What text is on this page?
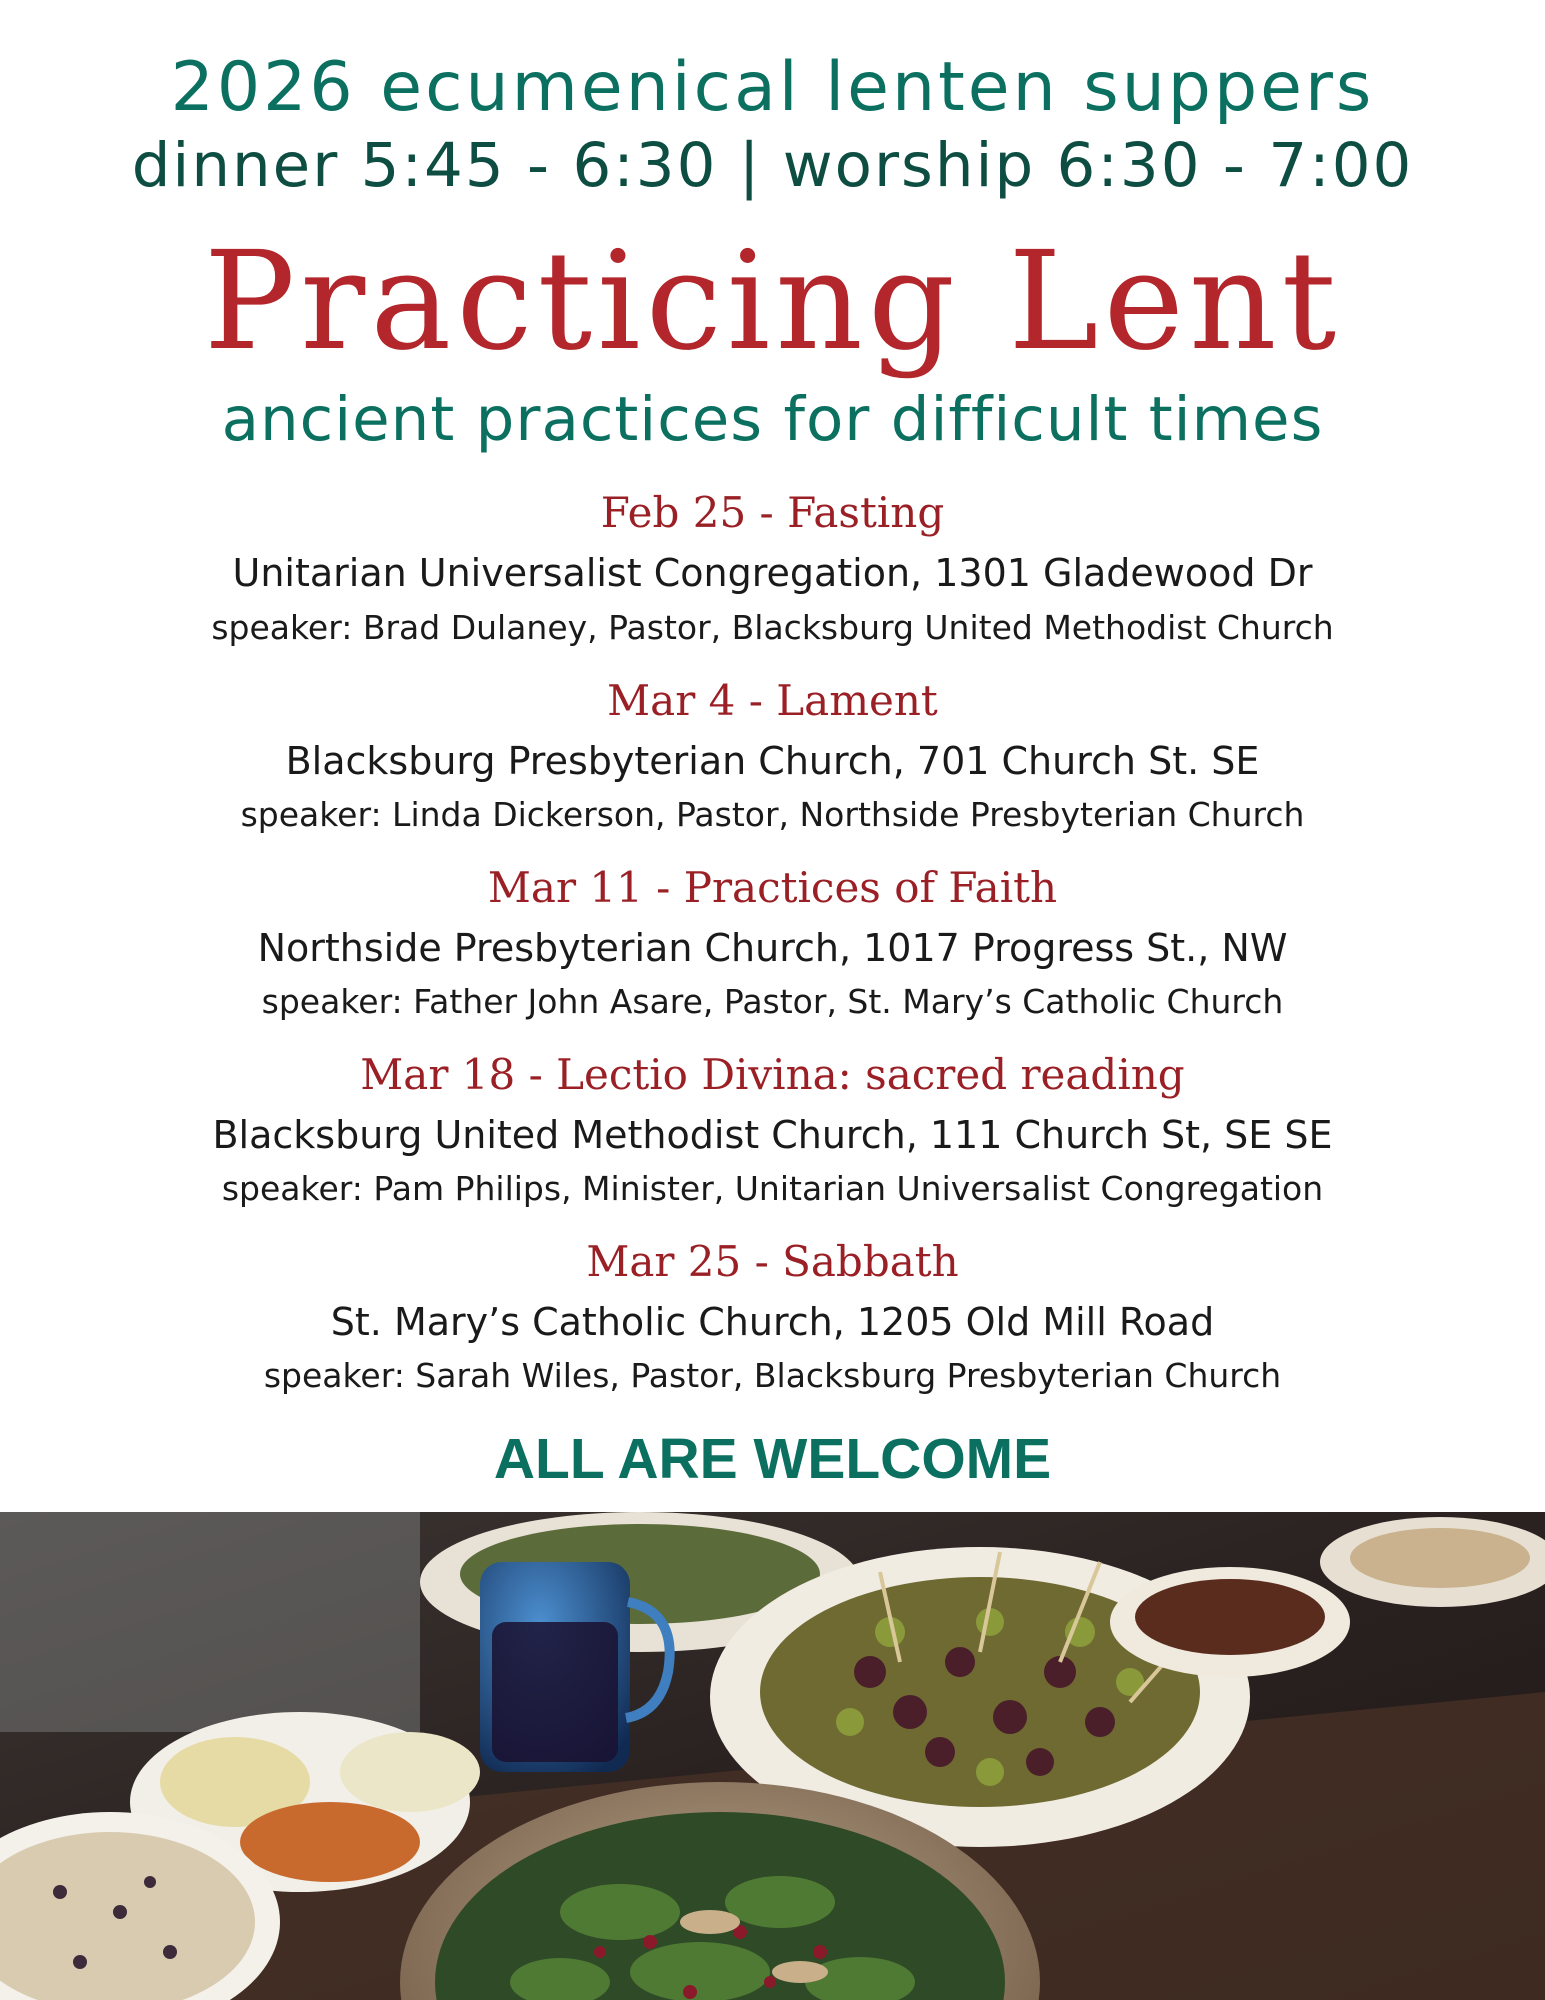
2026 ecumenical lenten suppers
dinner 5:45 - 6:30 | worship 6:30 - 7:00
Practicing Lent
ancient practices for difficult times
Feb 25 - Fasting
Unitarian Universalist Congregation, 1301 Gladewood Dr
speaker: Brad Dulaney, Pastor, Blacksburg United Methodist Church
Mar 4 - Lament
Blacksburg Presbyterian Church, 701 Church St. SE
speaker: Linda Dickerson, Pastor, Northside Presbyterian Church
Mar 11 - Practices of Faith
Northside Presbyterian Church, 1017 Progress St., NW
speaker: Father John Asare, Pastor, St. Mary’s Catholic Church
Mar 18 - Lectio Divina: sacred reading
Blacksburg United Methodist Church, 111 Church St, SE SE
speaker: Pam Philips, Minister, Unitarian Universalist Congregation
Mar 25 - Sabbath
St. Mary’s Catholic Church, 1205 Old Mill Road
speaker: Sarah Wiles, Pastor, Blacksburg Presbyterian Church
ALL ARE WELCOME
